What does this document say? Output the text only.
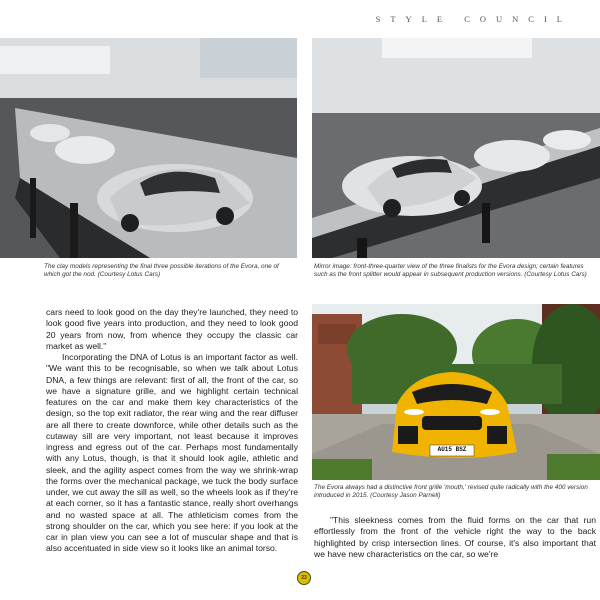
STYLE COUNCIL
The clay models representing the final three possible iterations of the Evora, one of which got the nod. (Courtesy Lotus Cars)
Mirror image: front-three-quarter view of the three finalists for the Evora design; certain features such as the front splitter would appear in subsequent production versions. (Courtesy Lotus Cars)
AU15 BSZ
The Evora always had a distinctive front grille 'mouth,' revised quite radically with the 400 version introduced in 2015. (Courtesy Jason Parnell)

cars need to look good on the day they're launched, they need to look good five years into production, and they need to look good 20 years from now, from whence they occupy the classic car market as well."

Incorporating the DNA of Lotus is an important factor as well. "We want this to be recognisable, so when we talk about Lotus DNA, a few things are relevant: first of all, the front of the car, so we have a signature grille, and we highlight certain technical features on the car and make them key characteristics of the design, so the top exit radiator, the rear wing and the rear diffuser are all there to create downforce, while other details such as the cutaway sill are very important, not least because it improves ingress and egress out of the car. Perhaps most fundamentally with any Lotus, though, is that it should look agile, athletic and sleek, and the agility aspect comes from the way we shrink-wrap the forms over the mechanical package, we tuck the body surface under, we cut away the sill as well, so the wheels look as if they're at each corner, so it has a fantastic stance, really short overhangs and no wasted space at all. The athleticism comes from the strong shoulder on the car, which you see here: if you look at the car in plan view you can see a lot of muscular shape and that is also accentuated in side view so it looks like an animal torso.

"This sleekness comes from the fluid forms on the car that run effortlessly from the front of the vehicle right the way to the back highlighted by crisp intersection lines. Of course, it's also important that we have new characteristics on the car, so we're

23
